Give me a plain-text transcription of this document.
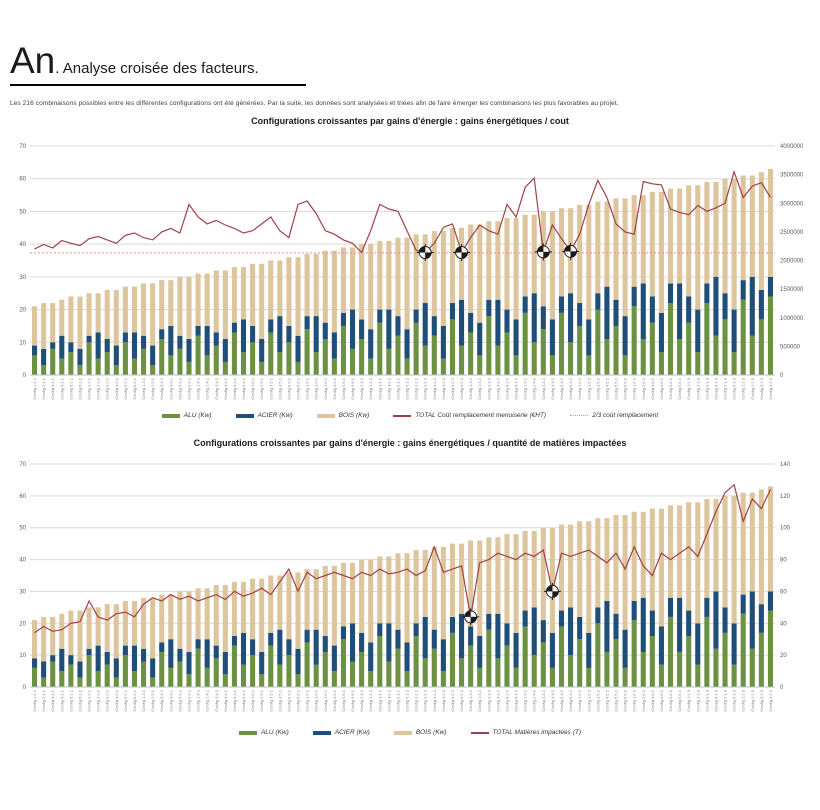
An. Analyse croisée des facteurs.

Les 216 combinaisons possibles entre les différentes configurations ont été générées. Par la suite, les données sont analysées et triées afin de faire émerger les combinaisons les plus favorables au projet.

Configurations croissantes par gains d'énergie : gains énergétiques / cout
0
10
20
30
40
50
60
70
0
500000
1000000
1500000
2000000
2500000
3000000
3500000
4000000
Config 1.1.1 Config 2.1.1 Config 3.1.1 Config 4.1.1 Config 5.1.1 Config 6.1.1 Config 1.2.1 Config 2.2.1 Config 3.2.1 Config 4.2.1 Config 5.2.1 Config 6.2.1 Config 1.3.1 Config 2.3.1 Config 3.3.1 Config 4.3.1 Config 5.3.1 Config 6.3.1 Config 1.4.1 Config 2.4.1 Config 3.4.1 Config 4.4.1 Config 5.4.1 Config 6.4.1 Config 1.5.1 Config 2.5.1 Config 3.5.1 Config 4.5.1 Config 5.5.1 Config 6.5.1 Config 1.6.1 Config 2.6.1 Config 3.6.1 Config 4.6.1 Config 5.6.1 Config 6.6.1 Config 1.1.2 Config 2.1.2 Config 3.1.2 Config 4.1.2 Config 5.1.2 Config 6.1.2 Config 1.2.2 Config 2.2.2 Config 3.2.2 Config 4.2.2 Config 5.2.2 Config 6.2.2 Config 1.3.2 Config 2.3.2 Config 3.3.2 Config 4.3.2 Config 5.3.2 Config 6.3.2 Config 1.4.2 Config 2.4.2 Config 3.4.2 Config 4.4.2 Config 5.4.2 Config 6.4.2 Config 1.5.2 Config 2.5.2 Config 3.5.2 Config 4.5.2 Config 5.5.2 Config 6.5.2 Config 1.6.2 Config 2.6.2 Config 3.6.2 Config 4.6.2 Config 5.6.2 Config 6.6.2 Config 1.1.3 Config 2.1.3 Config 3.1.3 Config 4.1.3 Config 5.1.3 Config 6.1.3 Config 1.2.3 Config 2.2.3 Config 3.2.3 Config 4.2.3
ALU (Kw)	ACIER (Kw)	BOIS (Kw)	TOTAL Coût remplacement menuiserie (€HT)	2/3 coût remplacement
Configurations croissantes par gains d'énergie : gains énergétiques / quantité de matières impactées
0
10
20
30
40
50
60
70
0
20
40
60
80
100
120
140
Config 1.1.1 Config 2.1.1 Config 3.1.1 Config 4.1.1 Config 5.1.1 Config 6.1.1 Config 1.2.1 Config 2.2.1 Config 3.2.1 Config 4.2.1 Config 5.2.1 Config 6.2.1 Config 1.3.1 Config 2.3.1 Config 3.3.1 Config 4.3.1 Config 5.3.1 Config 6.3.1 Config 1.4.1 Config 2.4.1 Config 3.4.1 Config 4.4.1 Config 5.4.1 Config 6.4.1 Config 1.5.1 Config 2.5.1 Config 3.5.1 Config 4.5.1 Config 5.5.1 Config 6.5.1 Config 1.6.1 Config 2.6.1 Config 3.6.1 Config 4.6.1 Config 5.6.1 Config 6.6.1 Config 1.1.2 Config 2.1.2 Config 3.1.2 Config 4.1.2 Config 5.1.2 Config 6.1.2 Config 1.2.2 Config 2.2.2 Config 3.2.2 Config 4.2.2 Config 5.2.2 Config 6.2.2 Config 1.3.2 Config 2.3.2 Config 3.3.2 Config 4.3.2 Config 5.3.2 Config 6.3.2 Config 1.4.2 Config 2.4.2 Config 3.4.2 Config 4.4.2 Config 5.4.2 Config 6.4.2 Config 1.5.2 Config 2.5.2 Config 3.5.2 Config 4.5.2 Config 5.5.2 Config 6.5.2 Config 1.6.2 Config 2.6.2 Config 3.6.2 Config 4.6.2 Config 5.6.2 Config 6.6.2 Config 1.1.3 Config 2.1.3 Config 3.1.3 Config 4.1.3 Config 5.1.3 Config 6.1.3 Config 1.2.3 Config 2.2.3 Config 3.2.3 Config 4.2.3
ALU (Kw)	ACIER (Kw)	BOIS (Kw)	TOTAL Matières impactées (T)
